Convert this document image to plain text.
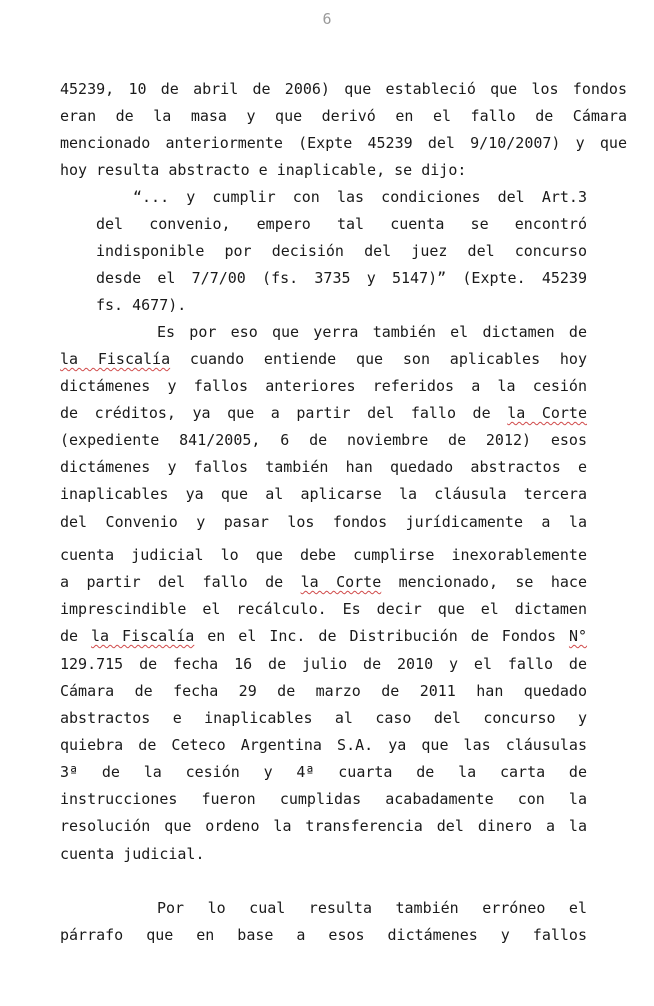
6
45239, 10 de abril de 2006) que estableció que los fondos
eran de la masa y que derivó en el fallo de Cámara
mencionado anteriormente (Expte 45239 del 9/10/2007) y que
hoy resulta abstracto e inaplicable, se dijo:
“... y cumplir con las condiciones del Art.3
del convenio, empero tal cuenta se encontró
indisponible por decisión del juez del concurso
desde el 7/7/00 (fs. 3735 y 5147)” (Expte. 45239
fs. 4677).
Es por eso que yerra también el dictamen de
la Fiscalía cuando entiende que son aplicables hoy
dictámenes y fallos anteriores referidos a la cesión
de créditos, ya que a partir del fallo de la Corte
(expediente 841/2005, 6 de noviembre de 2012) esos
dictámenes y fallos también han quedado abstractos e
inaplicables ya que al aplicarse la cláusula tercera
del Convenio y pasar los fondos jurídicamente a la
cuenta judicial lo que debe cumplirse inexorablemente
a partir del fallo de la Corte mencionado, se hace
imprescindible el recálculo. Es decir que el dictamen
de la Fiscalía en el Inc. de Distribución de Fondos N°
129.715 de fecha 16 de julio de 2010 y el fallo de
Cámara de fecha 29 de marzo de 2011 han quedado
abstractos e inaplicables al caso del concurso y
quiebra de Ceteco Argentina S.A. ya que las cláusulas
3ª de la cesión y 4ª cuarta de la carta de
instrucciones fueron cumplidas acabadamente con la
resolución que ordeno la transferencia del dinero a la
cuenta judicial.
Por lo cual resulta también erróneo el
párrafo que en base a esos dictámenes y fallos
